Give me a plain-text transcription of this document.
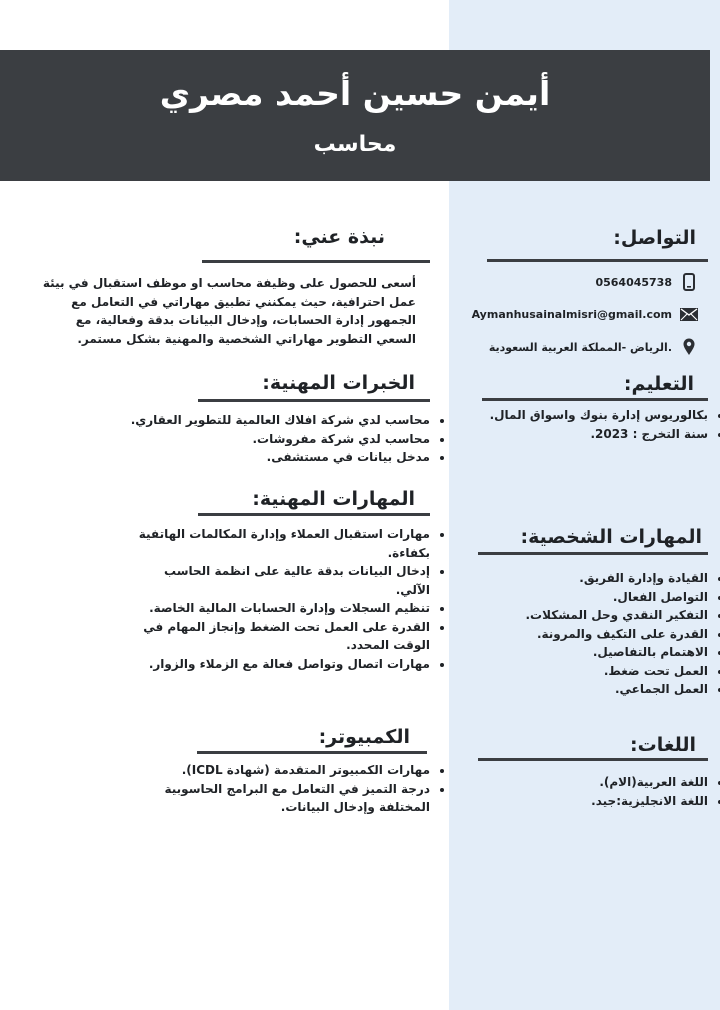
أيمن حسين أحمد مصري
محاسب
نبذة عني:

أسعى للحصول على وظيفة محاسب او موظف استقبال في بيئة عمل احترافية، حيث يمكنني تطبيق مهاراتي في التعامل مع الجمهور إدارة الحسابات، وإدخال البيانات بدقة وفعالية، مع السعي التطوير مهاراتي الشخصية والمهنية بشكل مستمر.

الخبرات المهنية:
• محاسب لدي شركة افلاك العالمية للتطوير العقاري.
• محاسب لدي شركة مفروشات.
• مدخل بيانات في مستشفى.
المهارات المهنية:
• مهارات استقبال العملاء وإدارة المكالمات الهاتفية بكفاءة.
• إدخال البيانات بدقة عالية على انظمة الحاسب الآلي.
• تنظيم السجلات وإدارة الحسابات المالية الخاصة.
• القدرة على العمل تحت الضغط وإنجاز المهام في الوقت المحدد.
• مهارات اتصال وتواصل فعالة مع الزملاء والزوار.
الكمبيوتر:
• مهارات الكمبيوتر المتقدمة (شهادة ICDL).
• درجة التميز في التعامل مع البرامج الحاسوبية المختلفة وإدخال البيانات.
التواصل:
0564045738
Aymanhusainalmisri@gmail.com
الرياض -المملكة العربية السعودية.
التعليم:
• بكالوريوس إدارة بنوك واسواق المال.
• سنة التخرج : 2023.
المهارات الشخصية:
• القيادة وإدارة الفريق.
• التواصل الفعال.
• التفكير النقدي وحل المشكلات.
• القدرة على التكيف والمرونة.
• الاهتمام بالتفاصيل.
• العمل تحت ضغط.
• العمل الجماعي.
اللغات:
• اللغة العربية(الام).
• اللغة الانجليزية:جيد.
